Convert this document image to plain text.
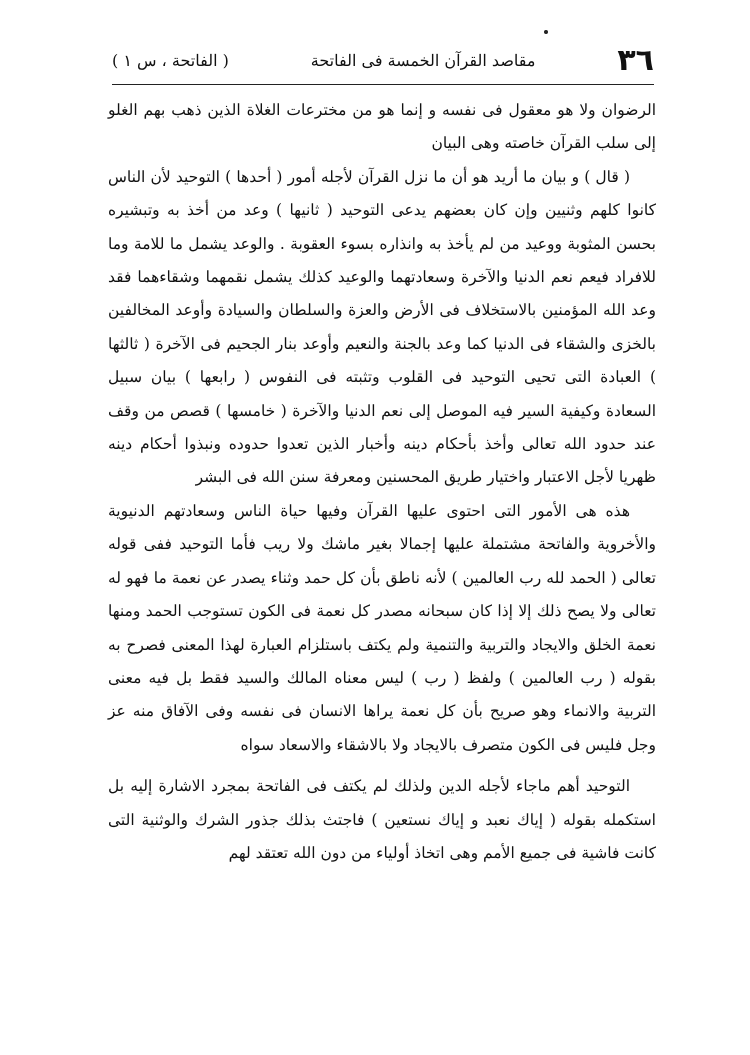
٣٦
مقاصد القرآن الخمسة فى الفاتحة
( الفاتحة ، س ١ )

الرضوان ولا هو معقول فى نفسه و إنما هو من مخترعات الغلاة الذين ذهب بهم الغلو إلى سلب القرآن خاصته وهى البيان

( قال ) و بيان ما أريد هو أن ما نزل القرآن لأجله أمور ( أحدها ) التوحيد لأن الناس كانوا كلهم وثنيين وإن كان بعضهم يدعى التوحيد ( ثانيها ) وعد من أخذ به وتبشيره بحسن المثوبة ووعيد من لم يأخذ به وانذاره بسوء العقوبة . والوعد يشمل ما للامة وما للافراد فيعم نعم الدنيا والآخرة وسعادتهما والوعيد كذلك يشمل نقمهما وشقاءهما فقد وعد الله المؤمنين بالاستخلاف فى الأرض والعزة والسلطان والسيادة وأوعد المخالفين بالخزى والشقاء فى الدنيا كما وعد بالجنة والنعيم وأوعد بنار الجحيم فى الآخرة ( ثالثها ) العبادة التى تحيى التوحيد فى القلوب وتثبته فى النفوس ( رابعها ) بيان سبيل السعادة وكيفية السير فيه الموصل إلى نعم الدنيا والآخرة ( خامسها ) قصص من وقف عند حدود الله تعالى وأخذ بأحكام دينه وأخبار الذين تعدوا حدوده ونبذوا أحكام دينه ظهريا لأجل الاعتبار واختيار طريق المحسنين ومعرفة سنن الله فى البشر

هذه هى الأمور التى احتوى عليها القرآن وفيها حياة الناس وسعادتهم الدنيوية والأخروية والفاتحة مشتملة عليها إجمالا بغير ماشك ولا ريب فأما التوحيد ففى قوله تعالى ( الحمد لله رب العالمين ) لأنه ناطق بأن كل حمد وثناء يصدر عن نعمة ما فهو له تعالى ولا يصح ذلك إلا إذا كان سبحانه مصدر كل نعمة فى الكون تستوجب الحمد ومنها نعمة الخلق والايجاد والتربية والتنمية ولم يكتف باستلزام العبارة لهذا المعنى فصرح به بقوله ( رب العالمين ) ولفظ ( رب ) ليس معناه المالك والسيد فقط بل فيه معنى التربية والانماء وهو صريح بأن كل نعمة يراها الانسان فى نفسه وفى الآفاق منه عز وجل فليس فى الكون متصرف بالايجاد ولا بالاشقاء والاسعاد سواه

التوحيد أهم ماجاء لأجله الدين ولذلك لم يكتف فى الفاتحة بمجرد الاشارة إليه بل استكمله بقوله ( إياك نعبد و إياك نستعين ) فاجتث بذلك جذور الشرك والوثنية التى كانت فاشية فى جميع الأمم وهى اتخاذ أولياء من دون الله تعتقد لهم
